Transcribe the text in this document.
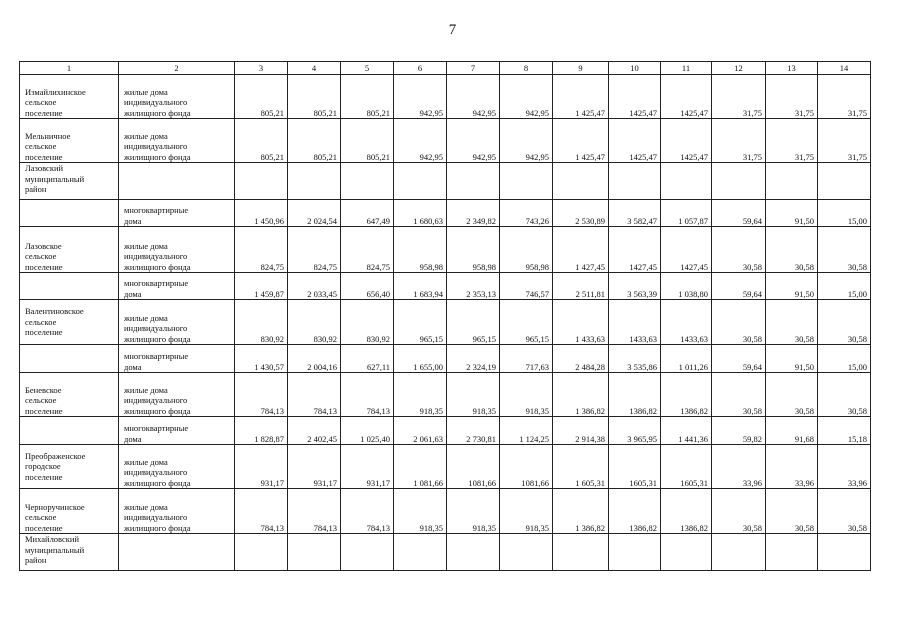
7
1	2	3	4	5	6	7	8	9	10	11	12	13	14
Измайлихинское
сельское
поселение	жилые дома
индивидуального
жилищного фонда	805,21	805,21	805,21	942,95	942,95	942,95	1 425,47	1425,47	1425,47	31,75	31,75	31,75
Мельничное
сельское
поселение	жилые дома
индивидуального
жилищного фонда	805,21	805,21	805,21	942,95	942,95	942,95	1 425,47	1425,47	1425,47	31,75	31,75	31,75
Лазовский
муниципальный
район													
	многоквартирные
дома	1 450,96	2 024,54	647,49	1 680,63	2 349,82	743,26	2 530,89	3 582,47	1 057,87	59,64	91,50	15,00
Лазовское
сельское
поселение	жилые дома
индивидуального
жилищного фонда	824,75	824,75	824,75	958,98	958,98	958,98	1 427,45	1427,45	1427,45	30,58	30,58	30,58
	многоквартирные
дома	1 459,87	2 033,45	656,40	1 683,94	2 353,13	746,57	2 511,81	3 563,39	1 038,80	59,64	91,50	15,00
Валентиновское
сельское
поселение	жилые дома
индивидуального
жилищного фонда	830,92	830,92	830,92	965,15	965,15	965,15	1 433,63	1433,63	1433,63	30,58	30,58	30,58
	многоквартирные
дома	1 430,57	2 004,16	627,11	1 655,00	2 324,19	717,63	2 484,28	3 535,86	1 011,26	59,64	91,50	15,00
Беневское
сельское
поселение	жилые дома
индивидуального
жилищного фонда	784,13	784,13	784,13	918,35	918,35	918,35	1 386,82	1386,82	1386,82	30,58	30,58	30,58
	многоквартирные
дома	1 828,87	2 402,45	1 025,40	2 061,63	2 730,81	1 124,25	2 914,38	3 965,95	1 441,36	59,82	91,68	15,18
Преображенское
городское
поселение	жилые дома
индивидуального
жилищного фонда	931,17	931,17	931,17	1 081,66	1081,66	1081,66	1 605,31	1605,31	1605,31	33,96	33,96	33,96
Черноручинское
сельское
поселение	жилые дома
индивидуального
жилищного фонда	784,13	784,13	784,13	918,35	918,35	918,35	1 386,82	1386,82	1386,82	30,58	30,58	30,58
Михайловский
муниципальный
район													
